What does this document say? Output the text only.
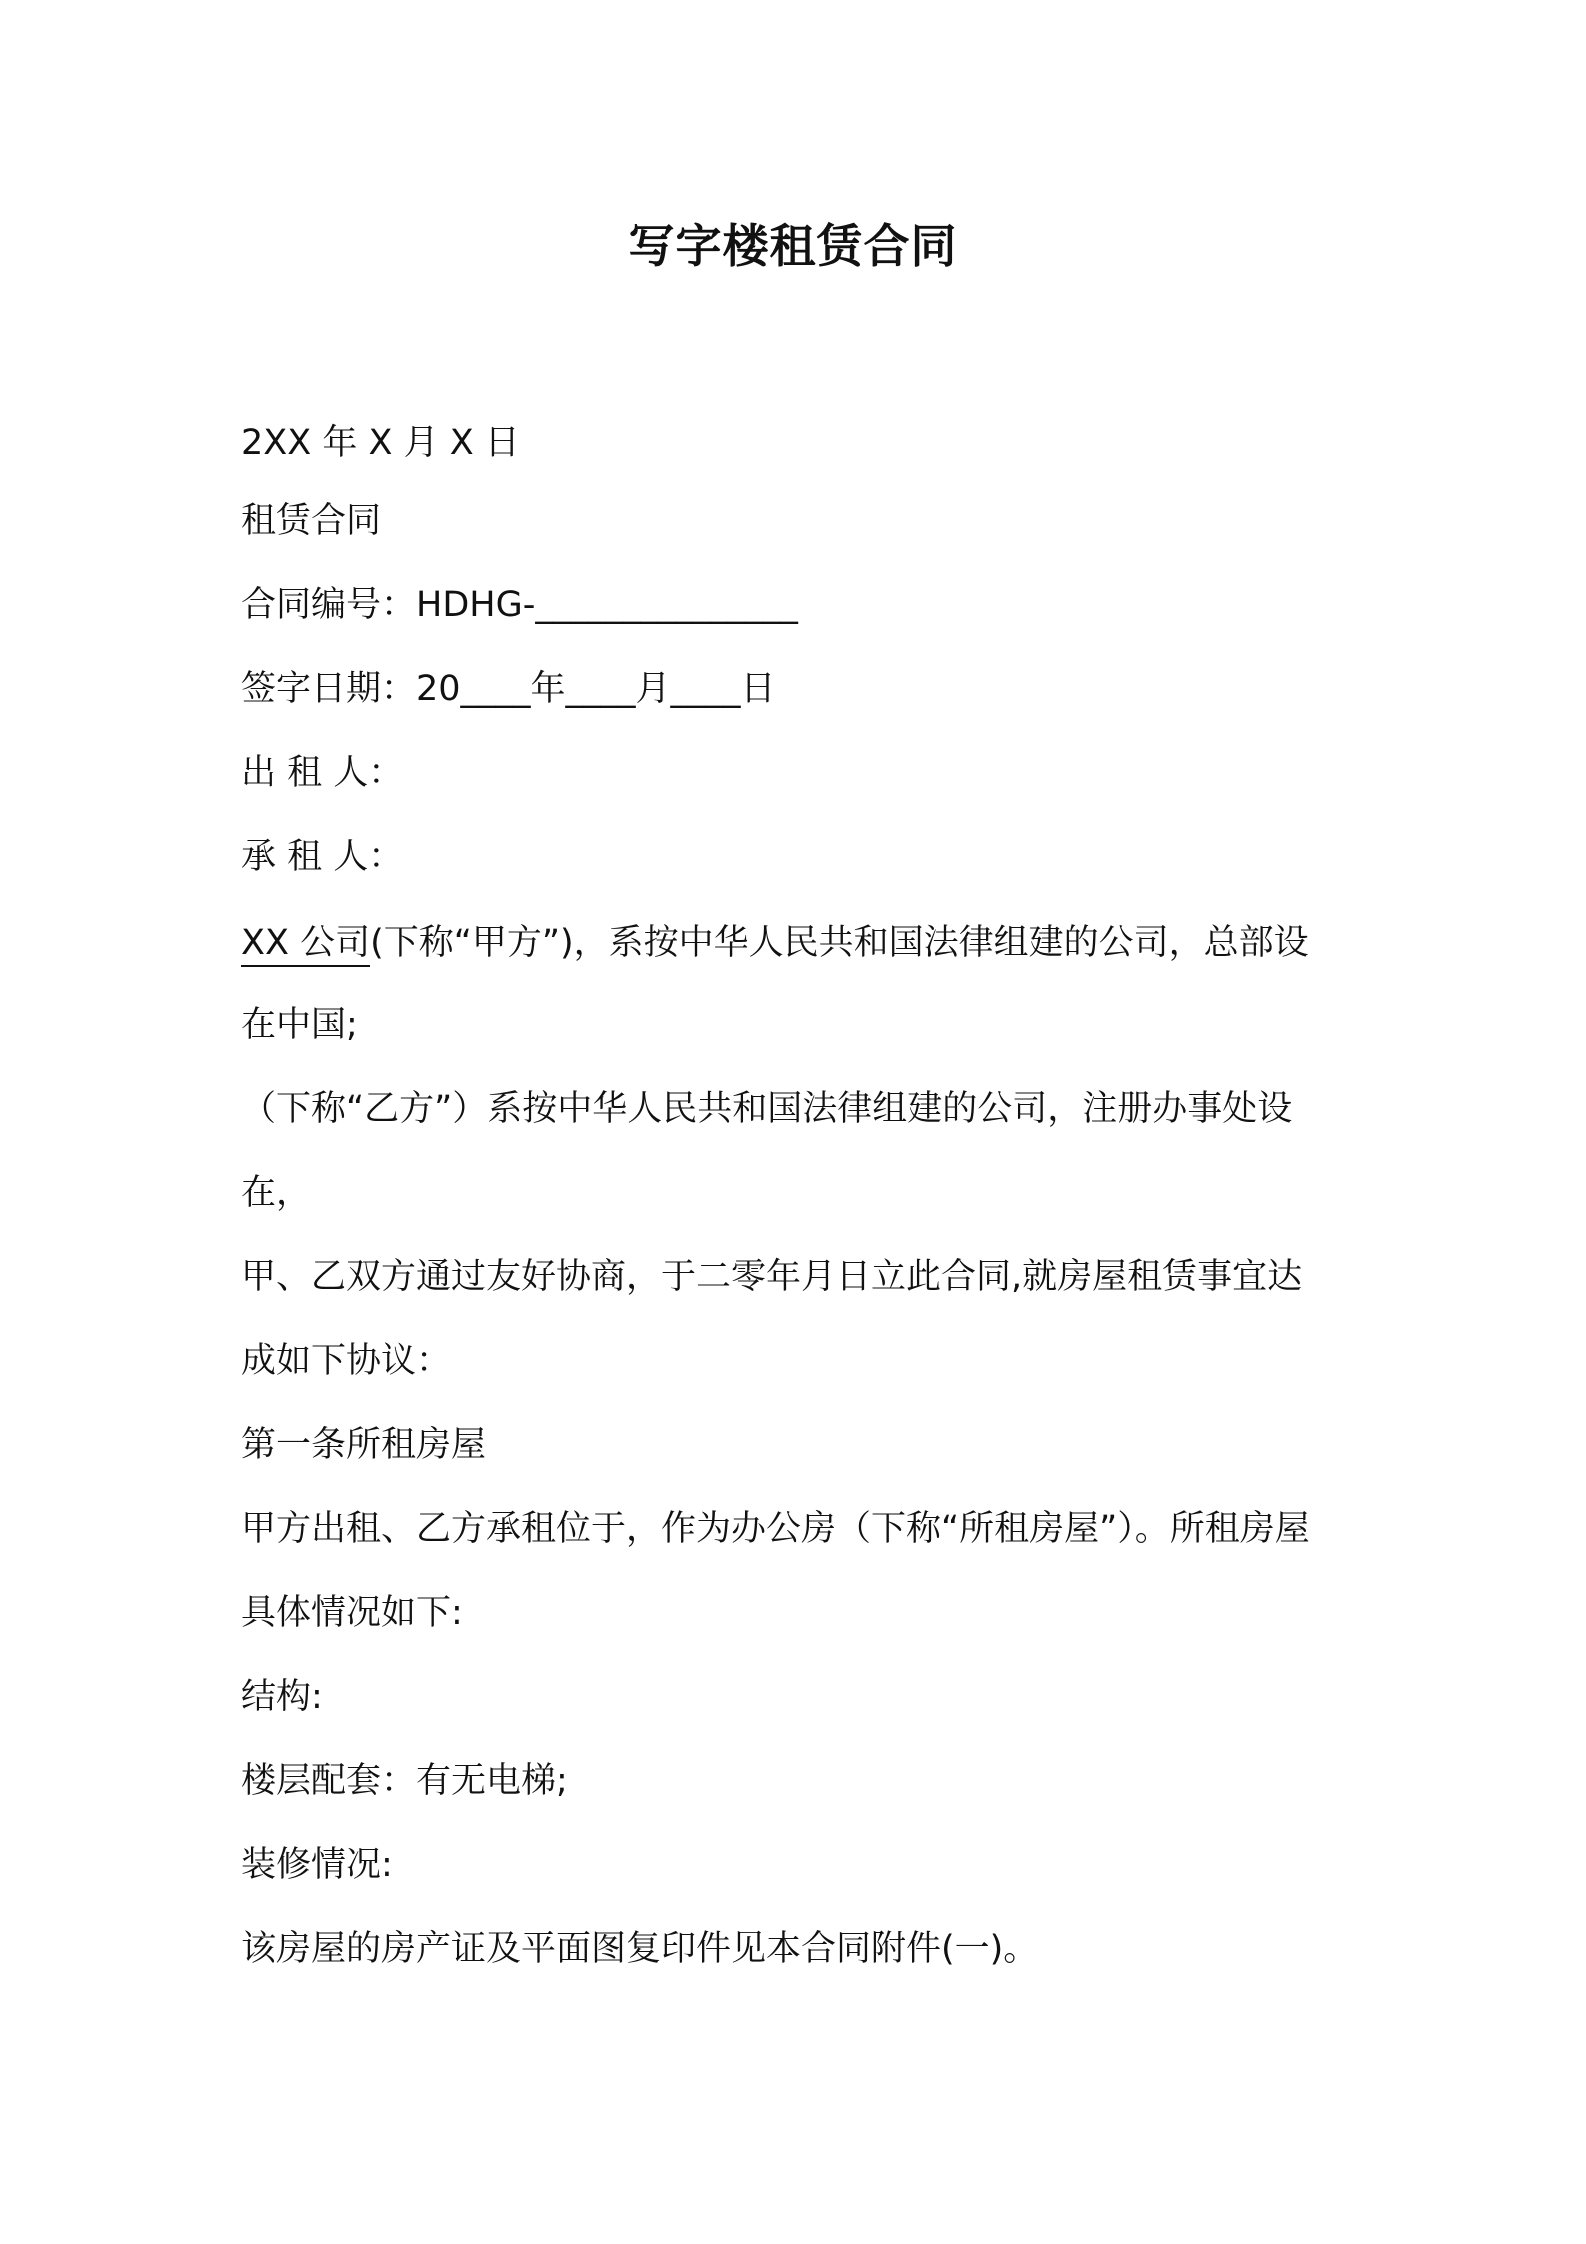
写字楼租赁合同
2XX 年 X 月 X 日
租赁合同
合同编号：HDHG-_______________
签字日期：20____年____月____日
出 租 人：
承 租 人：
XX 公司(下称“甲方”)，系按中华人民共和国法律组建的公司，总部设
在中国;
（下称“乙方”）系按中华人民共和国法律组建的公司，注册办事处设
在，
甲、乙双方通过友好协商，于二零年月日立此合同,就房屋租赁事宜达
成如下协议：
第一条所租房屋
甲方出租、乙方承租位于，作为办公房（下称“所租房屋”）。所租房屋
具体情况如下:
结构:
楼层配套：有无电梯;
装修情况:
该房屋的房产证及平面图复印件见本合同附件(一)。
